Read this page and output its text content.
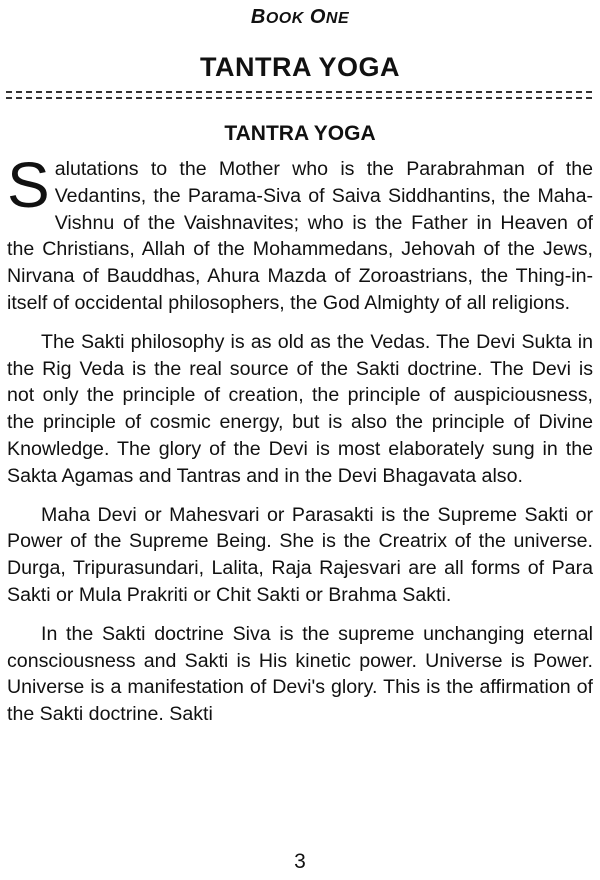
BOOK ONE
TANTRA YOGA
TANTRA YOGA

Salutations to the Mother who is the Parabrahman of the Vedantins, the Parama-Siva of Saiva Siddhantins, the Maha-Vishnu of the Vaishnavites; who is the Father in Heaven of the Christians, Allah of the Mohammedans, Jehovah of the Jews, Nirvana of Bauddhas, Ahura Mazda of Zoroastrians, the Thing-in-itself of occidental philosophers, the God Almighty of all religions.

The Sakti philosophy is as old as the Vedas. The Devi Sukta in the Rig Veda is the real source of the Sakti doctrine. The Devi is not only the principle of creation, the principle of auspiciousness, the principle of cosmic energy, but is also the principle of Divine Knowledge. The glory of the Devi is most elaborately sung in the Sakta Agamas and Tantras and in the Devi Bhagavata also.

Maha Devi or Mahesvari or Parasakti is the Supreme Sakti or Power of the Supreme Being. She is the Creatrix of the universe. Durga, Tripurasundari, Lalita, Raja Rajesvari are all forms of Para Sakti or Mula Prakriti or Chit Sakti or Brahma Sakti.

In the Sakti doctrine Siva is the supreme unchanging eternal consciousness and Sakti is His kinetic power. Universe is Power. Universe is a manifestation of Devi's glory. This is the affirmation of the Sakti doctrine. Sakti

3
